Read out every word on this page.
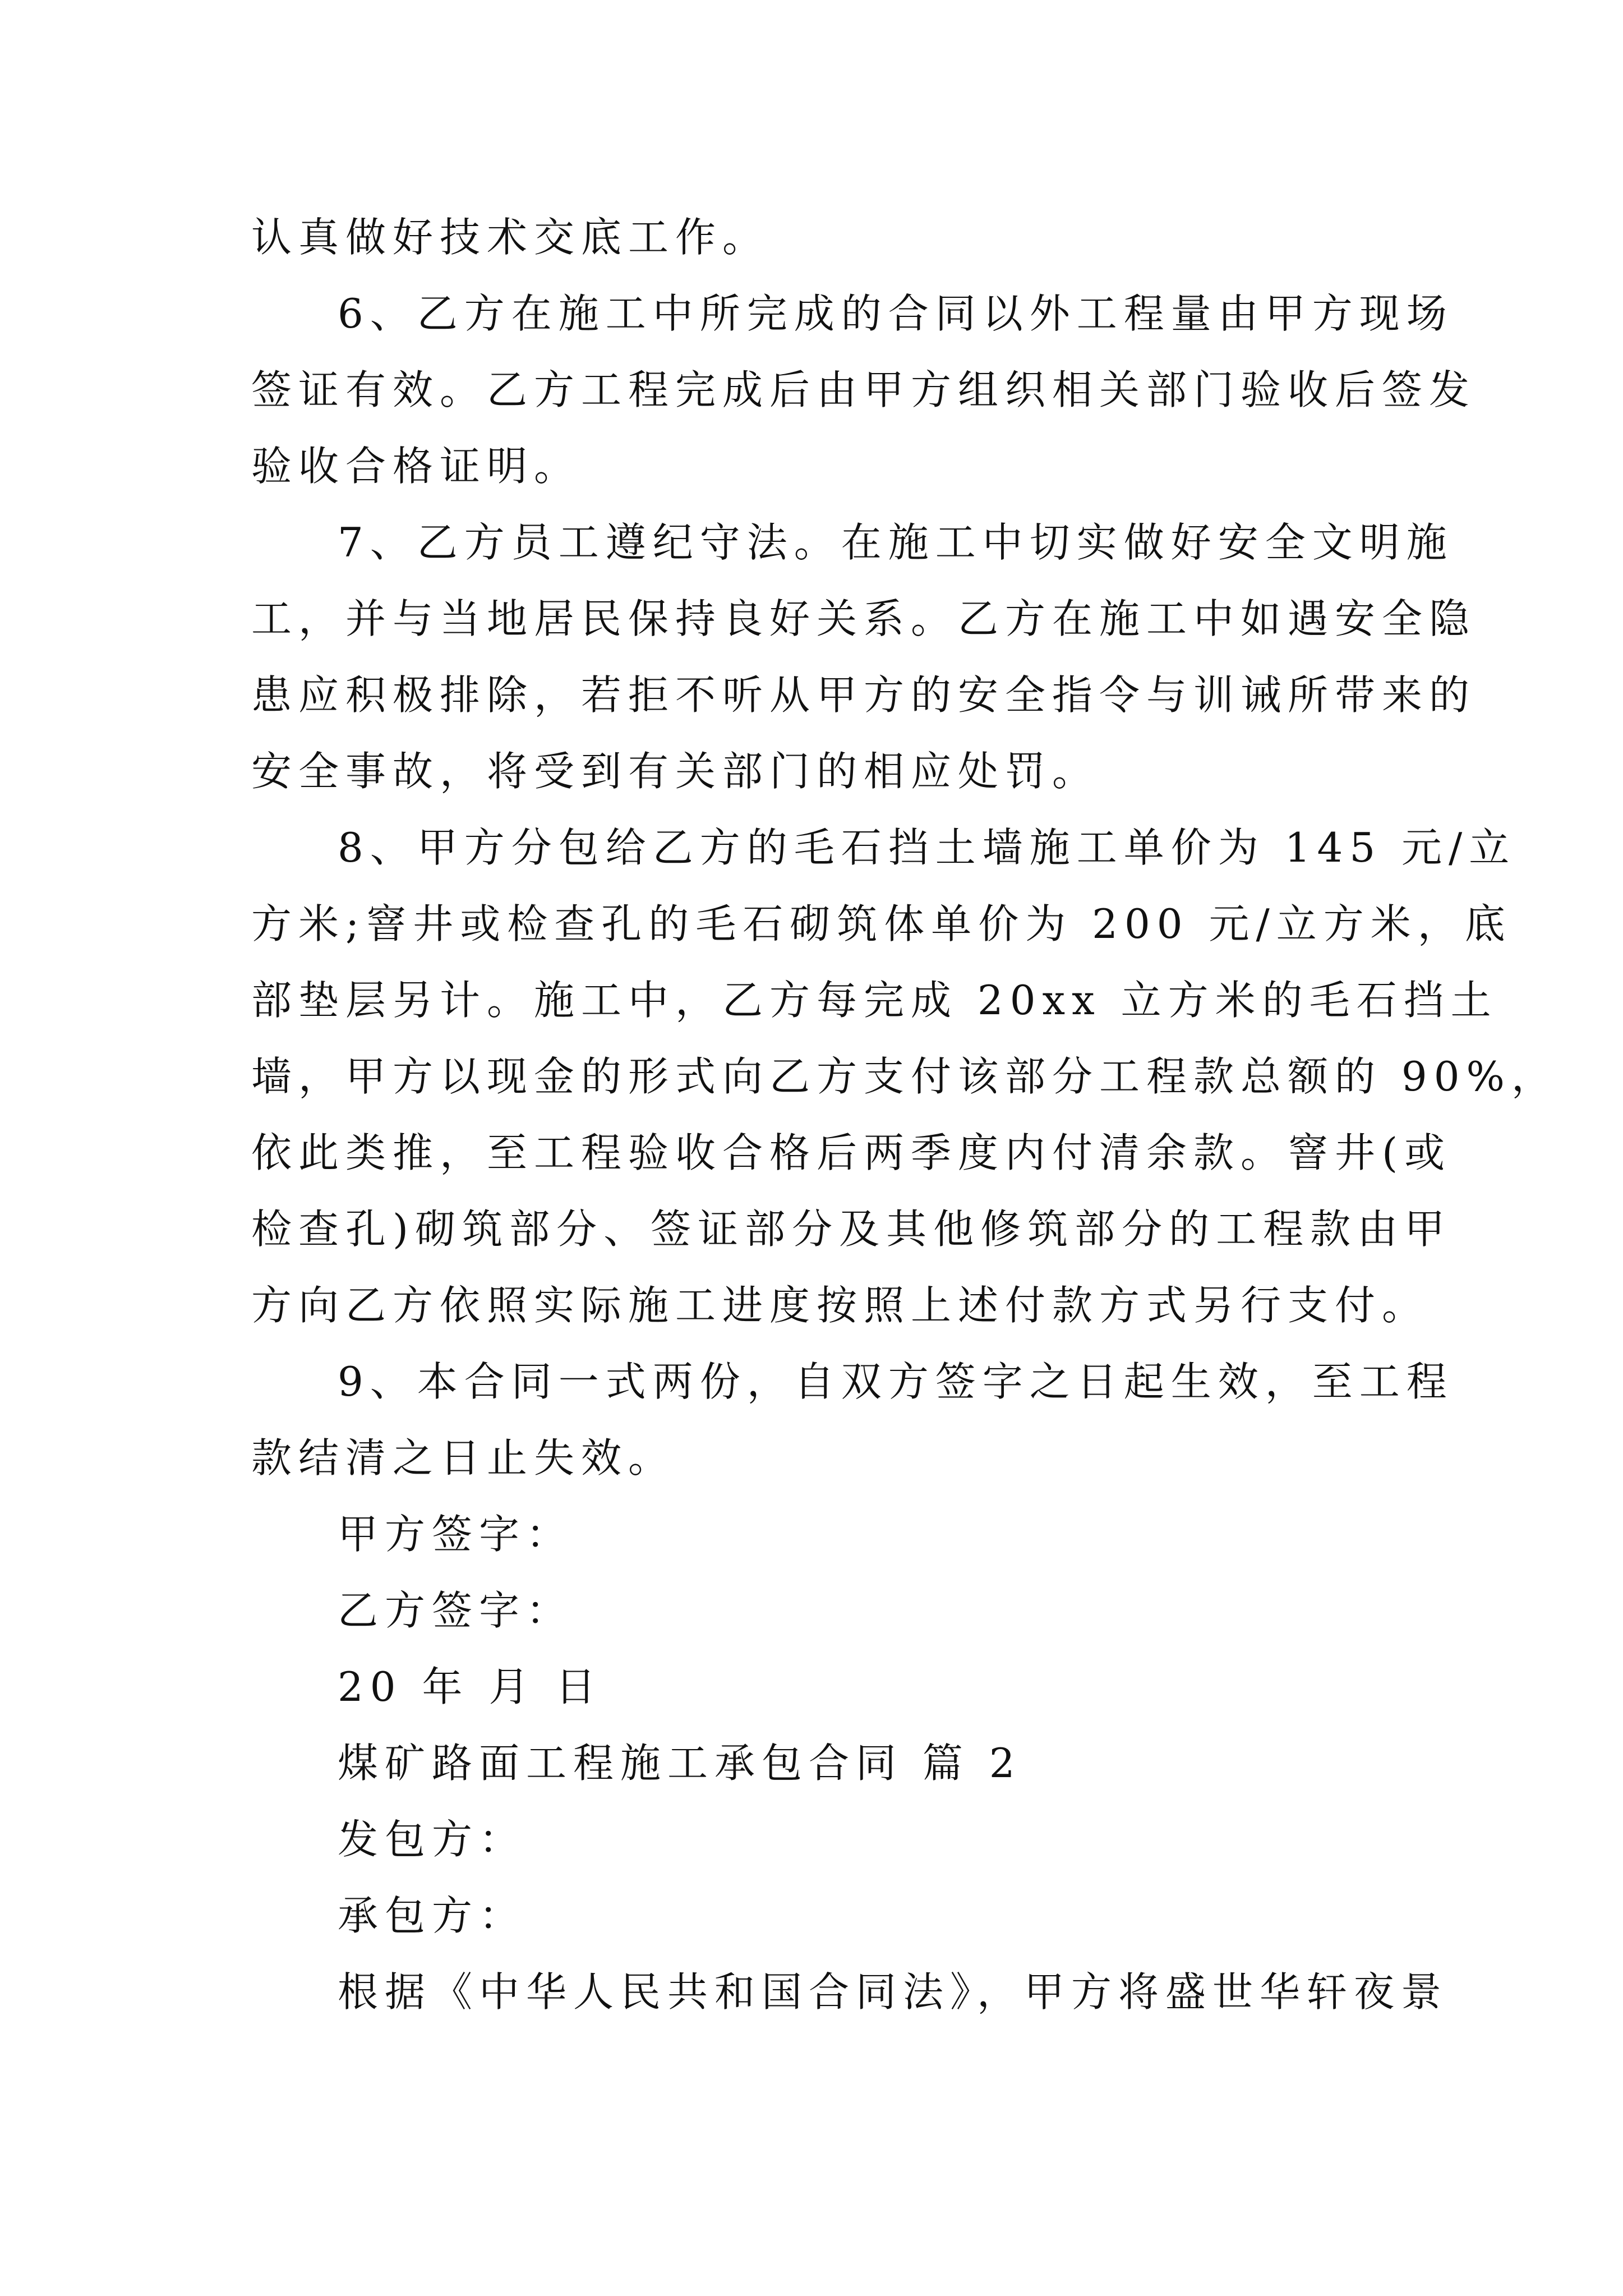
认真做好技术交底工作。
6、乙方在施工中所完成的合同以外工程量由甲方现场
签证有效。乙方工程完成后由甲方组织相关部门验收后签发
验收合格证明。
7、乙方员工遵纪守法。在施工中切实做好安全文明施
工，并与当地居民保持良好关系。乙方在施工中如遇安全隐
患应积极排除，若拒不听从甲方的安全指令与训诫所带来的
安全事故，将受到有关部门的相应处罚。
8、甲方分包给乙方的毛石挡土墙施工单价为 145 元/立
方米;窨井或检查孔的毛石砌筑体单价为 200 元/立方米，底
部垫层另计。施工中，乙方每完成 20xx 立方米的毛石挡土
墙，甲方以现金的形式向乙方支付该部分工程款总额的 90%，
依此类推，至工程验收合格后两季度内付清余款。窨井(或
检查孔)砌筑部分、签证部分及其他修筑部分的工程款由甲
方向乙方依照实际施工进度按照上述付款方式另行支付。
9、本合同一式两份，自双方签字之日起生效，至工程
款结清之日止失效。
甲方签字：
乙方签字：
20 年 月 日
煤矿路面工程施工承包合同 篇 2
发包方：
承包方：
根据《中华人民共和国合同法》，甲方将盛世华轩夜景
